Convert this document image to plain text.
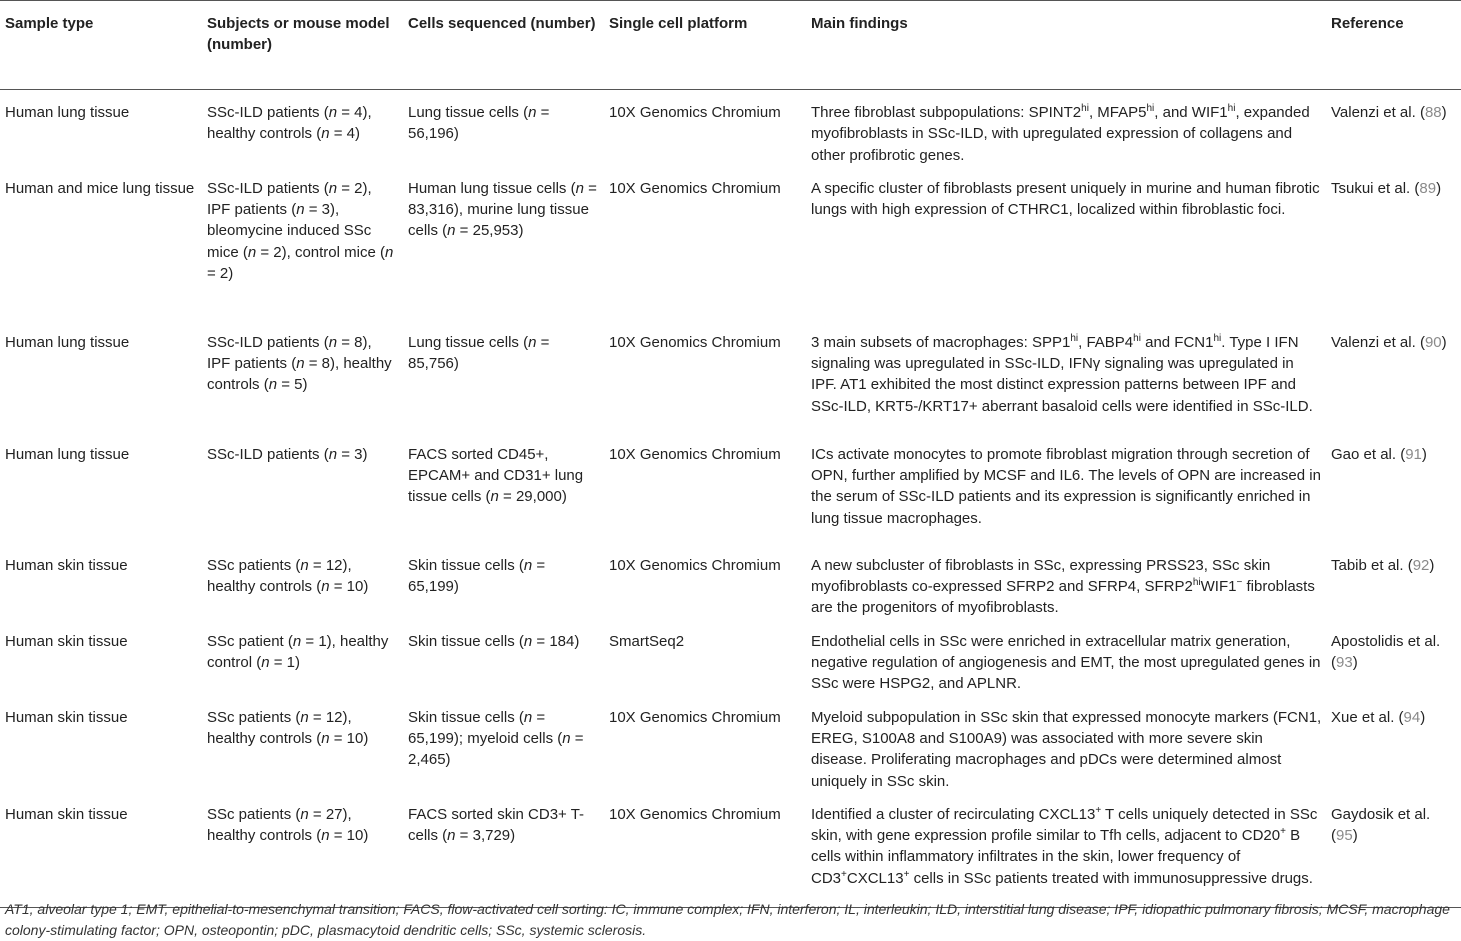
Sample type	Subjects or mouse model (number)	Cells sequenced (number)	Single cell platform	Main findings	Reference
Human lung tissue	SSc-ILD patients (n = 4), healthy controls (n = 4)	Lung tissue cells (n = 56,196)	10X Genomics Chromium	Three fibroblast subpopulations: $SPINT2^{hi}$, $MFAP5^{hi}$, and $WIF1^{hi}$, expanded myofibroblasts in SSc-ILD, with upregulated expression of collagens and other profibrotic genes.	Valenzi et al. (88)
Human and mice lung tissue	SSc-ILD patients (n = 2), IPF patients (n = 3), bleomycine induced SSc mice (n = 2), control mice (n = 2)	Human lung tissue cells (n = 83,316), murine lung tissue cells (n = 25,953)	10X Genomics Chromium	A specific cluster of fibroblasts present uniquely in murine and human fibrotic lungs with high expression of CTHRC1, localized within fibroblastic foci.	Tsukui et al. (89)
Human lung tissue	SSc-ILD patients (n = 8), IPF patients (n = 8), healthy controls (n = 5)	Lung tissue cells (n = 85,756)	10X Genomics Chromium	3 main subsets of macrophages: $SPP1^{hi}$, $FABP4^{hi}$ and $FCN1^{hi}$. Type I IFN signaling was upregulated in SSc-ILD, IFNγ signaling was upregulated in IPF. AT1 exhibited the most distinct expression patterns between IPF and SSc-ILD, KRT5-/KRT17+ aberrant basaloid cells were identified in SSc-ILD.	Valenzi et al. (90)
Human lung tissue	SSc-ILD patients (n = 3)	FACS sorted CD45+, EPCAM+ and CD31+ lung tissue cells (n = 29,000)	10X Genomics Chromium	ICs activate monocytes to promote fibroblast migration through secretion of OPN, further amplified by MCSF and IL6. The levels of OPN are increased in the serum of SSc-ILD patients and its expression is significantly enriched in lung tissue macrophages.	Gao et al. (91)
Human skin tissue	SSc patients (n = 12), healthy controls (n = 10)	Skin tissue cells (n = 65,199)	10X Genomics Chromium	A new subcluster of fibroblasts in SSc, expressing PRSS23, SSc skin myofibroblasts co-expressed SFRP2 and SFRP4, $SFRP2^{hi}WIF1^-$ fibroblasts are the progenitors of myofibroblasts.	Tabib et al. (92)
Human skin tissue	SSc patient (n = 1), healthy control (n = 1)	Skin tissue cells (n = 184)	SmartSeq2	Endothelial cells in SSc were enriched in extracellular matrix generation, negative regulation of angiogenesis and EMT, the most upregulated genes in SSc were HSPG2, and APLNR.	Apostolidis et al. (93)
Human skin tissue	SSc patients (n = 12), healthy controls (n = 10)	Skin tissue cells (n = 65,199); myeloid cells (n = 2,465)	10X Genomics Chromium	Myeloid subpopulation in SSc skin that expressed monocyte markers (FCN1, EREG, S100A8 and S100A9) was associated with more severe skin disease. Proliferating macrophages and pDCs were determined almost uniquely in SSc skin.	Xue et al. (94)
Human skin tissue	SSc patients (n = 27), healthy controls (n = 10)	FACS sorted skin CD3+ T-cells (n = 3,729)	10X Genomics Chromium	Identified a cluster of recirculating CXCL13+ T cells uniquely detected in SSc skin, with gene expression profile similar to Tfh cells, adjacent to CD20+ B cells within inflammatory infiltrates in the skin, lower frequency of CD3+CXCL13+ cells in SSc patients treated with immunosuppressive drugs.	Gaydosik et al. (95)
AT1, alveolar type 1; EMT, epithelial-to-mesenchymal transition; FACS, flow-activated cell sorting: IC, immune complex; IFN, interferon; IL, interleukin; ILD, interstitial lung disease; IPF, idiopathic pulmonary fibrosis; MCSF, macrophage colony-stimulating factor; OPN, osteopontin; pDC, plasmacytoid dendritic cells; SSc, systemic sclerosis.
